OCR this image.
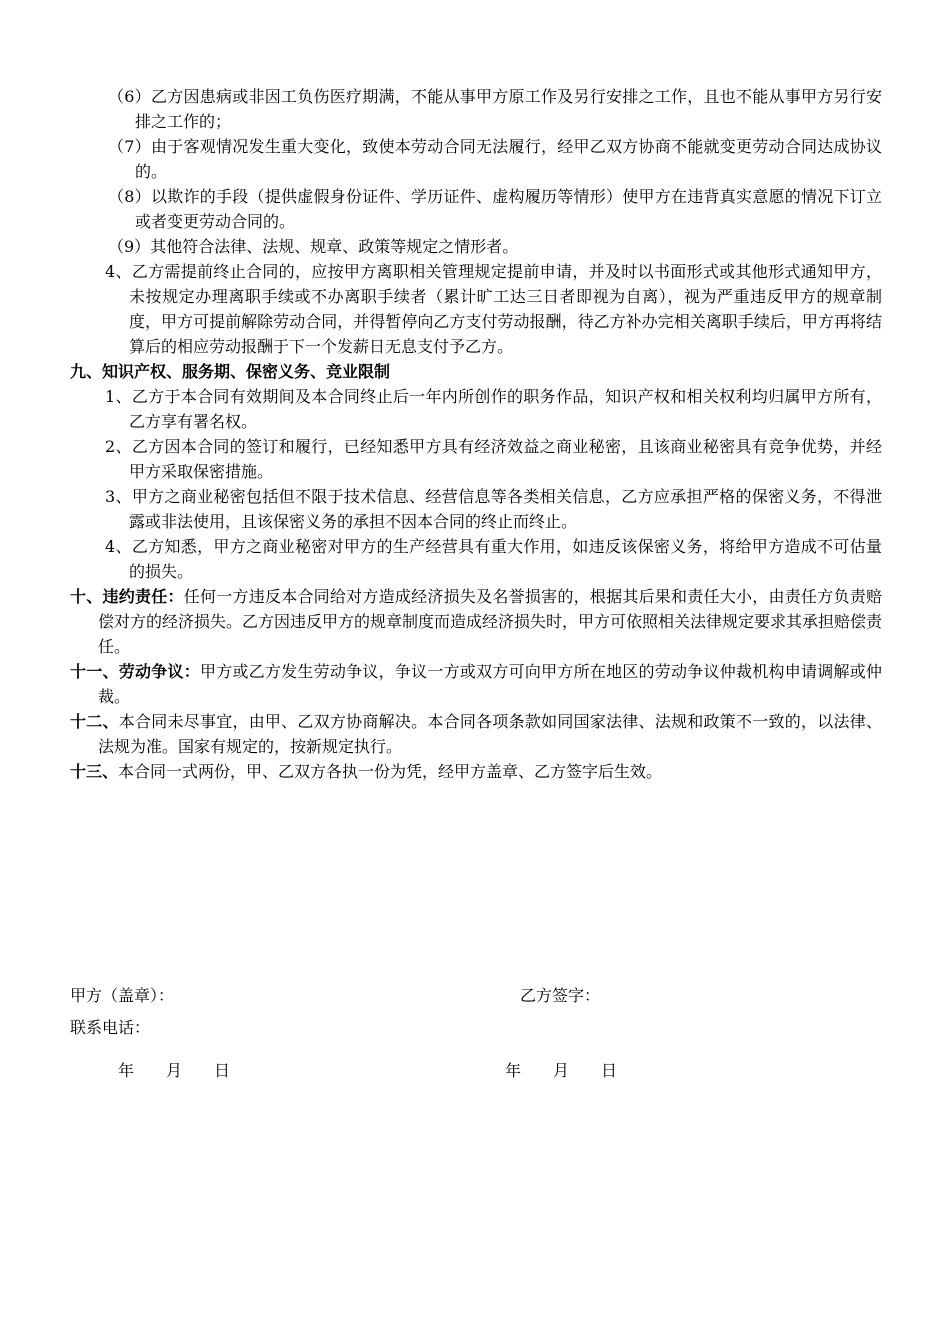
（6）乙方因患病或非因工负伤医疗期满，不能从事甲方原工作及另行安排之工作，且也不能从事甲方另行安排之工作的；

（7）由于客观情况发生重大变化，致使本劳动合同无法履行，经甲乙双方协商不能就变更劳动合同达成协议的。

（8）以欺诈的手段（提供虚假身份证件、学历证件、虚构履历等情形）使甲方在违背真实意愿的情况下订立或者变更劳动合同的。

（9）其他符合法律、法规、规章、政策等规定之情形者。

4、乙方需提前终止合同的，应按甲方离职相关管理规定提前申请，并及时以书面形式或其他形式通知甲方，未按规定办理离职手续或不办离职手续者（累计旷工达三日者即视为自离），视为严重违反甲方的规章制度，甲方可提前解除劳动合同，并得暂停向乙方支付劳动报酬，待乙方补办完相关离职手续后，甲方再将结算后的相应劳动报酬于下一个发薪日无息支付予乙方。

九、知识产权、服务期、保密义务、竞业限制

1、乙方于本合同有效期间及本合同终止后一年内所创作的职务作品，知识产权和相关权利均归属甲方所有，乙方享有署名权。

2、乙方因本合同的签订和履行，已经知悉甲方具有经济效益之商业秘密，且该商业秘密具有竞争优势，并经甲方采取保密措施。

3、甲方之商业秘密包括但不限于技术信息、经营信息等各类相关信息，乙方应承担严格的保密义务，不得泄露或非法使用，且该保密义务的承担不因本合同的终止而终止。

4、乙方知悉，甲方之商业秘密对甲方的生产经营具有重大作用，如违反该保密义务，将给甲方造成不可估量的损失。

十、违约责任：任何一方违反本合同给对方造成经济损失及名誉损害的，根据其后果和责任大小，由责任方负责赔偿对方的经济损失。乙方因违反甲方的规章制度而造成经济损失时，甲方可依照相关法律规定要求其承担赔偿责任。

十一、劳动争议：甲方或乙方发生劳动争议，争议一方或双方可向甲方所在地区的劳动争议仲裁机构申请调解或仲裁。

十二、本合同未尽事宜，由甲、乙双方协商解决。本合同各项条款如同国家法律、法规和政策不一致的，以法律、法规为准。国家有规定的，按新规定执行。

十三、本合同一式两份，甲、乙双方各执一份为凭，经甲方盖章、乙方签字后生效。

甲方（盖章）：
联系电话：
年　　月　　日
乙方签字：
年　　月　　日
